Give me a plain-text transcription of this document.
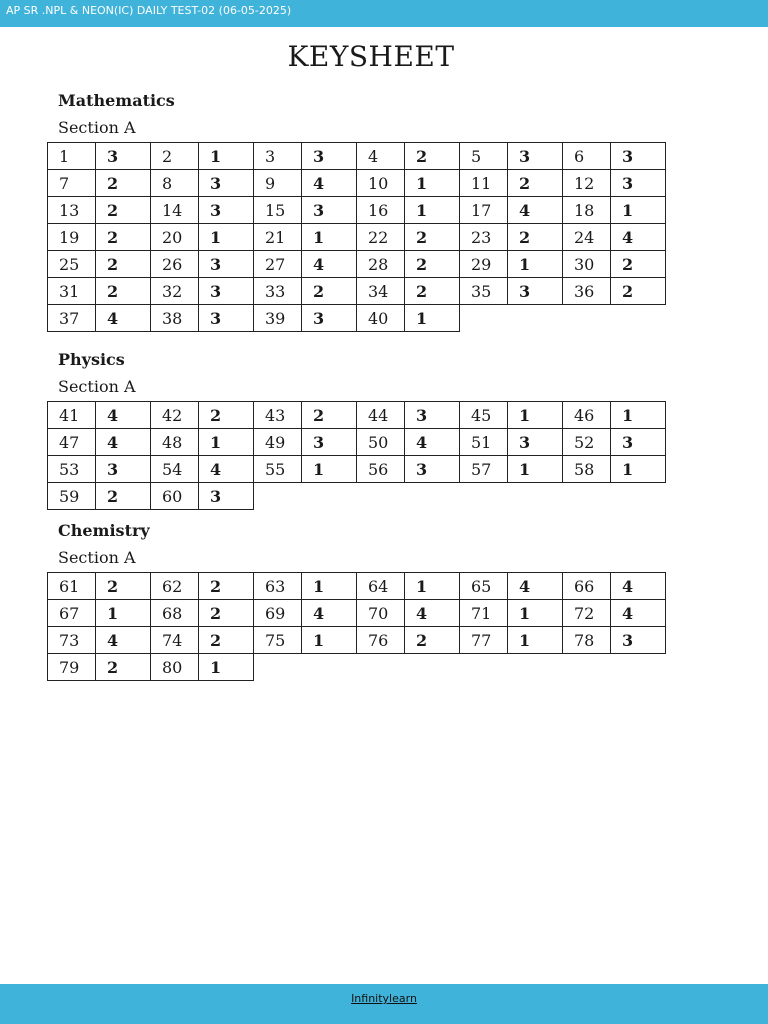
AP SR .NPL & NEON(IC) DAILY TEST-02 (06-05-2025)
KEYSHEET
Mathematics
Section A
1	3	2	1	3	3	4	2	5	3	6	3
7	2	8	3	9	4	10	1	11	2	12	3
13	2	14	3	15	3	16	1	17	4	18	1
19	2	20	1	21	1	22	2	23	2	24	4
25	2	26	3	27	4	28	2	29	1	30	2
31	2	32	3	33	2	34	2	35	3	36	2
37	4	38	3	39	3	40	1				
Physics
Section A
41	4	42	2	43	2	44	3	45	1	46	1
47	4	48	1	49	3	50	4	51	3	52	3
53	3	54	4	55	1	56	3	57	1	58	1
59	2	60	3								
Chemistry
Section A
61	2	62	2	63	1	64	1	65	4	66	4
67	1	68	2	69	4	70	4	71	1	72	4
73	4	74	2	75	1	76	2	77	1	78	3
79	2	80	1								
Infinitylearn
